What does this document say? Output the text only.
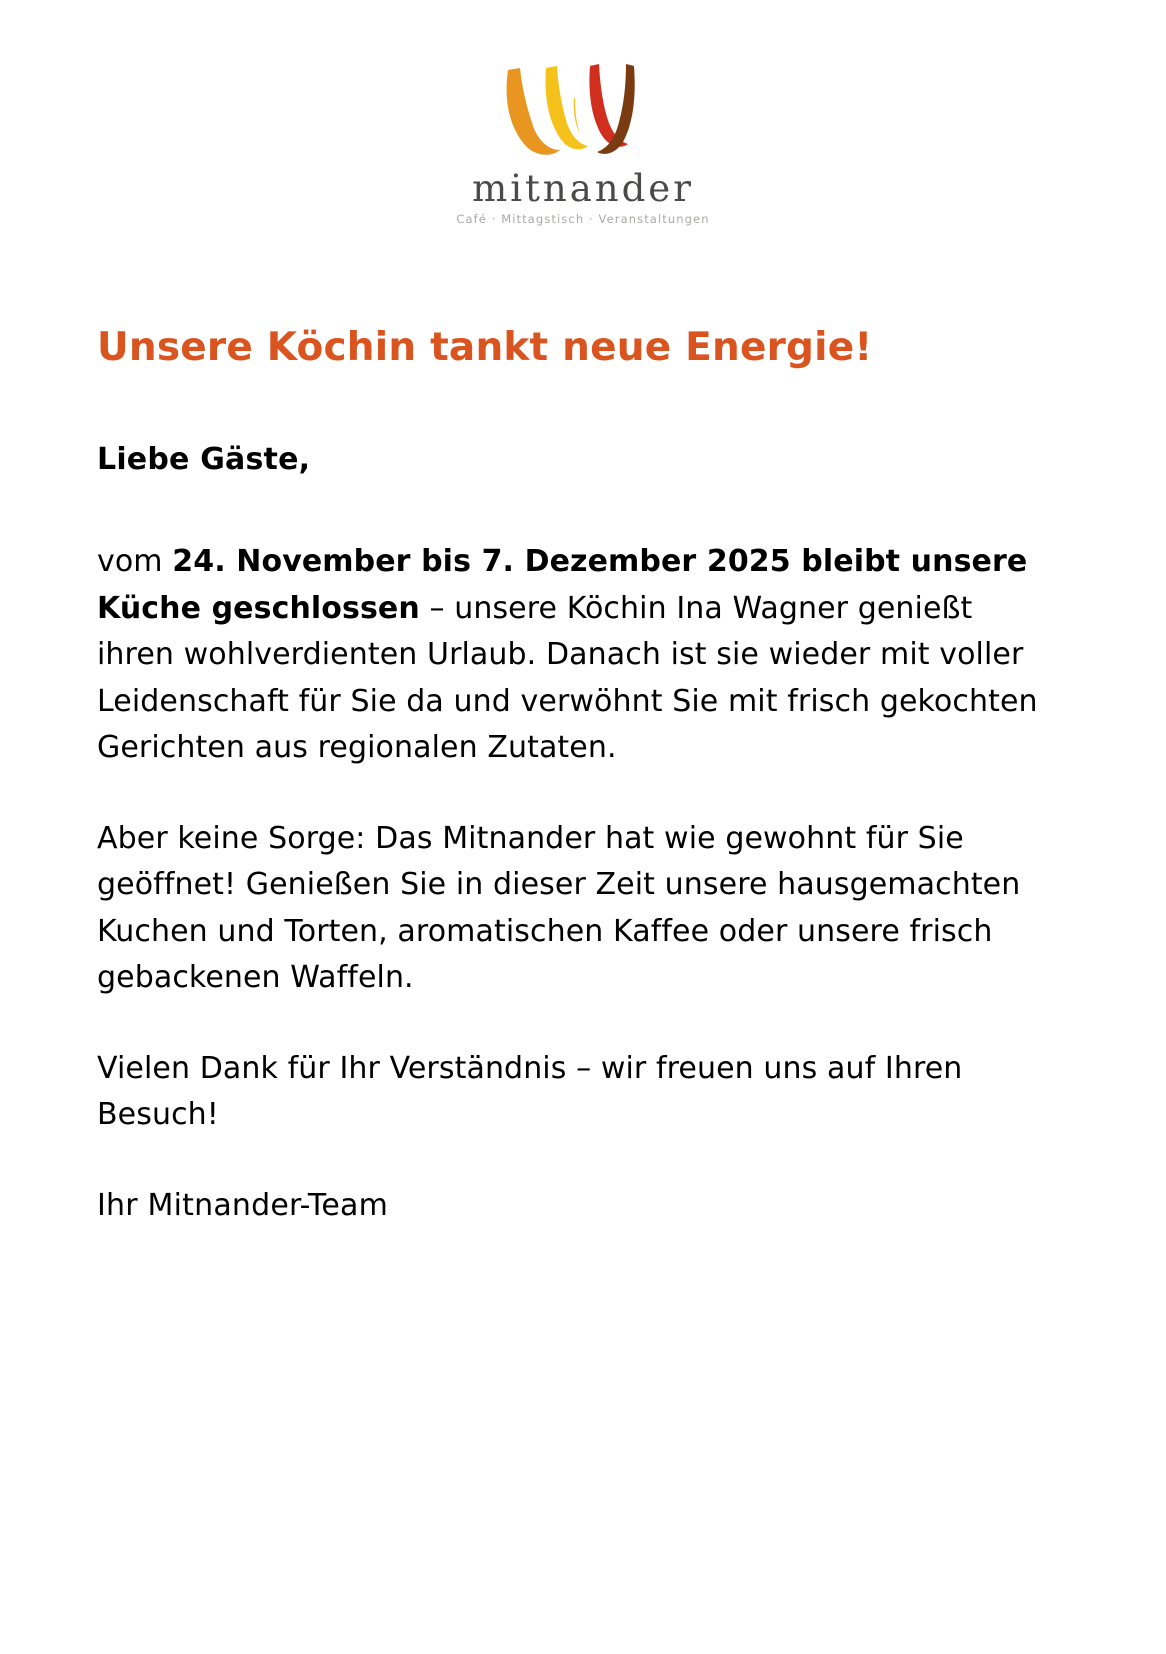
mitnander
Café · Mittagstisch · Veranstaltungen
Unsere Köchin tankt neue Energie!

Liebe Gäste,

vom 24. November bis 7. Dezember 2025 bleibt unsere Küche geschlossen – unsere Köchin Ina Wagner genießt ihren wohlverdienten Urlaub. Danach ist sie wieder mit voller Leidenschaft für Sie da und verwöhnt Sie mit frisch gekochten Gerichten aus regionalen Zutaten.

Aber keine Sorge: Das Mitnander hat wie gewohnt für Sie geöffnet! Genießen Sie in dieser Zeit unsere hausgemachten Kuchen und Torten, aromatischen Kaffee oder unsere frisch gebackenen Waffeln.

Vielen Dank für Ihr Verständnis – wir freuen uns auf Ihren Besuch!

Ihr Mitnander-Team
